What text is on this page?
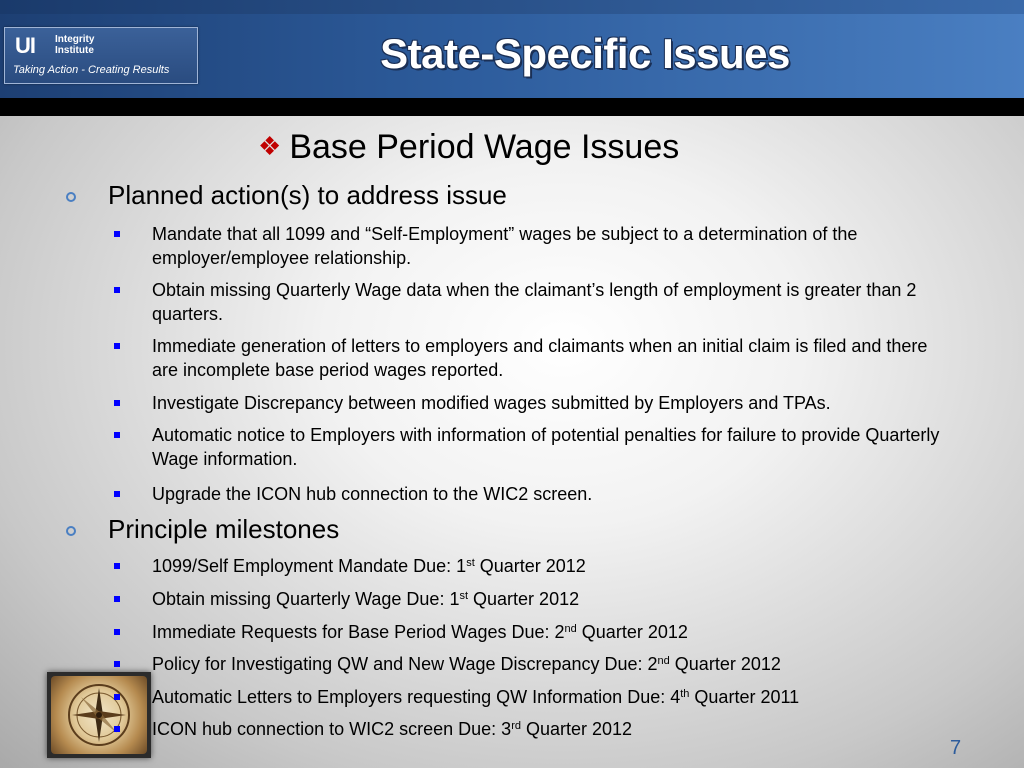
UI Integrity
Institute
Taking Action - Creating Results	State-Specific Issues
❖ Base Period Wage Issues
Planned action(s) to address issue
Mandate that all 1099 and “Self-Employment” wages be subject to a determination of the employer/employee relationship.
Obtain missing Quarterly Wage data when the claimant’s length of employment is greater than 2 quarters.
Immediate generation of letters to employers and claimants when an initial claim is filed and there are incomplete base period wages reported.
Investigate Discrepancy between modified wages submitted by Employers and TPAs.
Automatic notice to Employers with information of potential penalties for failure to provide Quarterly Wage information.
Upgrade the ICON hub connection to the WIC2 screen.
Principle milestones
1099/Self Employment Mandate Due: 1st Quarter 2012
Obtain missing Quarterly Wage Due: 1st Quarter 2012
Immediate Requests for Base Period Wages Due: 2nd Quarter 2012
Policy for Investigating QW and New Wage Discrepancy Due: 2nd Quarter 2012
Automatic Letters to Employers requesting QW Information Due: 4th Quarter 2011
ICON hub connection to WIC2 screen Due: 3rd Quarter 2012
7
